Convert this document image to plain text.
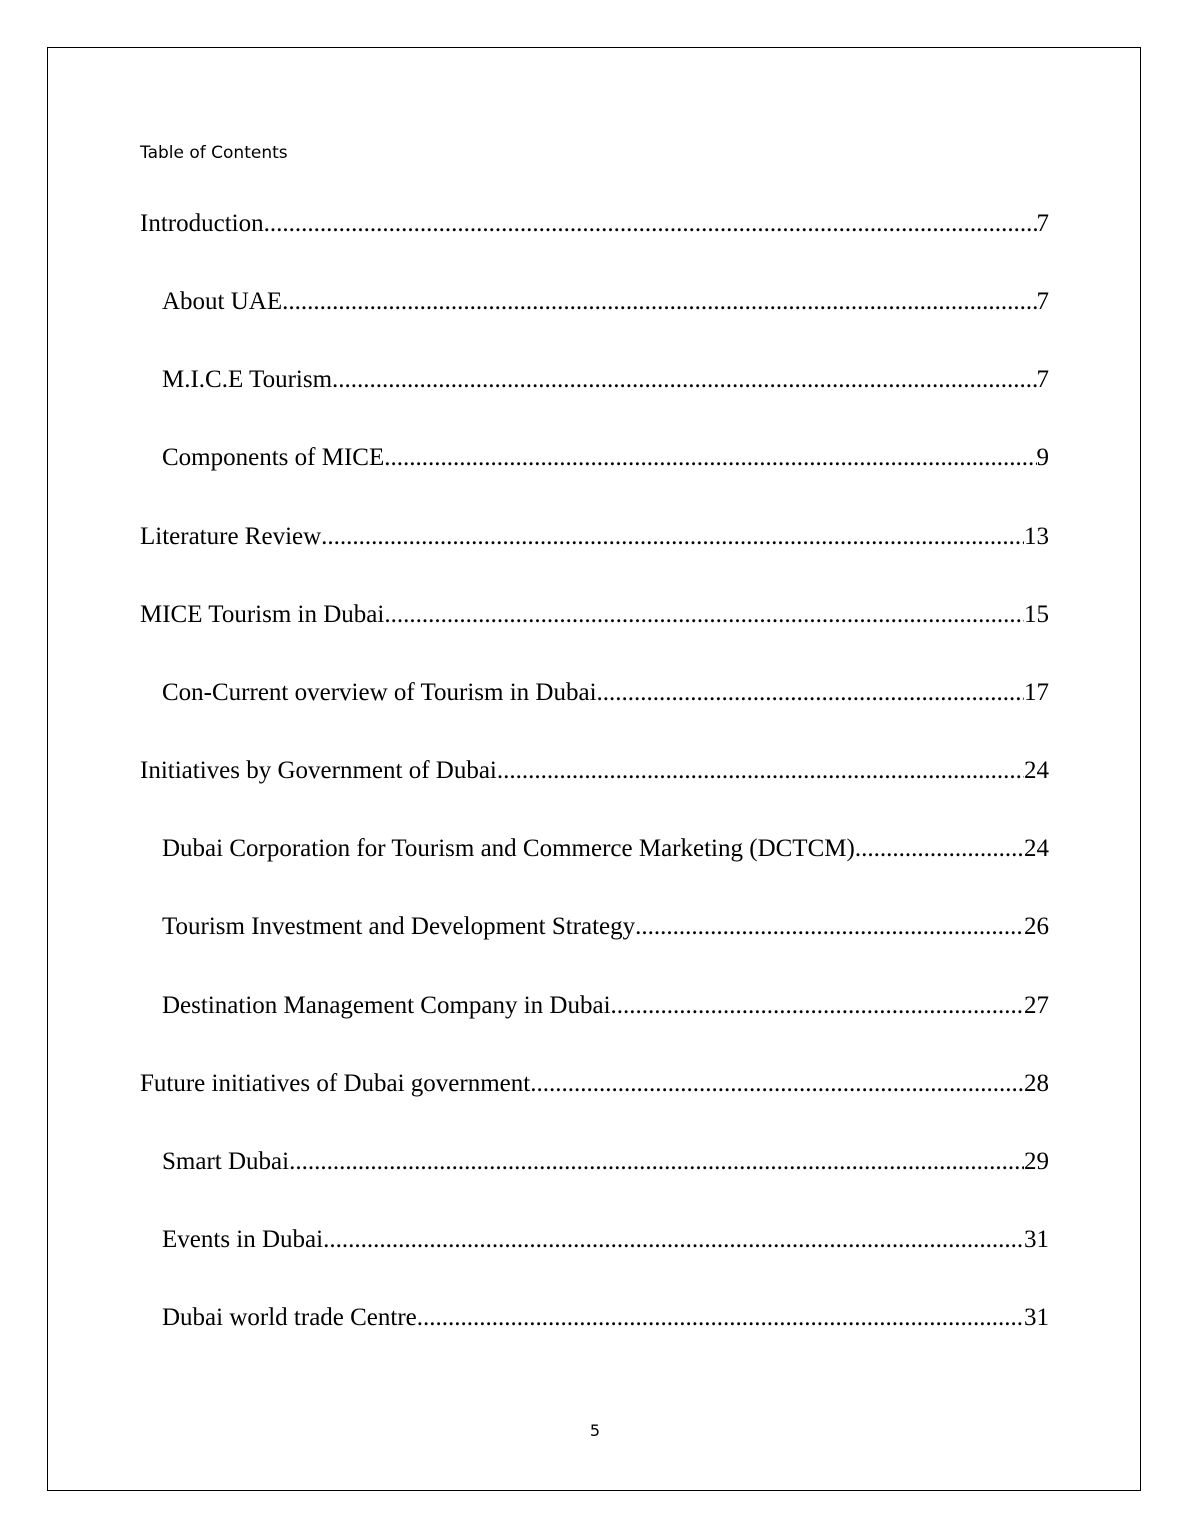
Table of Contents
Introduction .....	7
About UAE .....	7
M.I.C.E Tourism .....	7
Components of MICE .....	9
Literature Review .....	13
MICE Tourism in Dubai .....	15
Con-Current overview of Tourism in Dubai .....	17
Initiatives by Government of Dubai .....	24
Dubai Corporation for Tourism and Commerce Marketing (DCTCM) .....	24
Tourism Investment and Development Strategy .....	26
Destination Management Company in Dubai .....	27
Future initiatives of Dubai government .....	28
Smart Dubai .....	29
Events in Dubai .....	31
Dubai world trade Centre .....	31
5
